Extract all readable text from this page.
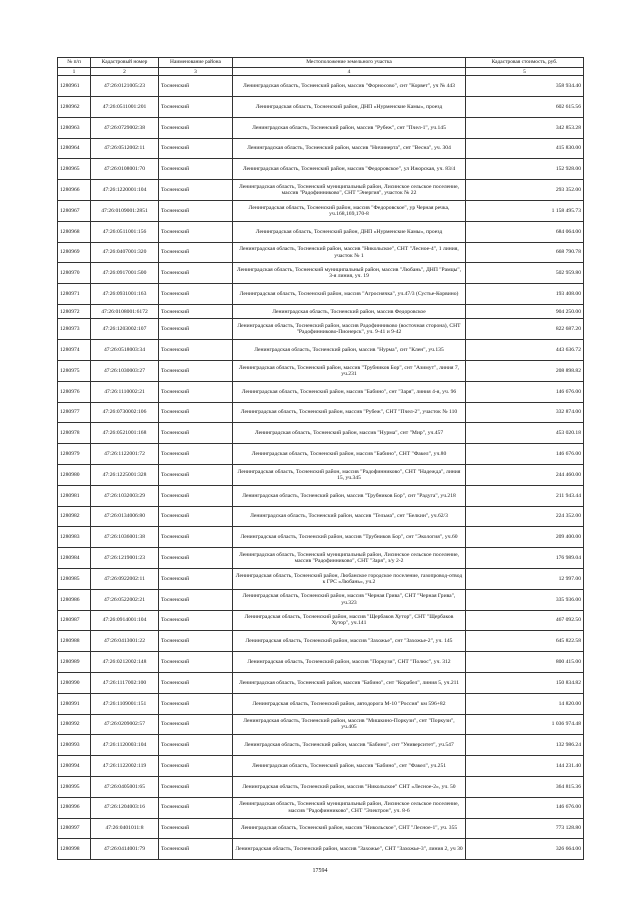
№ п/п	Кадастровый номер	Наименование района	Местоположение земельного участка	Кадастровая стоимость, руб.
1	2	3	4	5
1280961	47:26:0121005:23	Тосненский	Ленинградская область, Тосненский район, массив "Форносово", снт "Корвет", уч № 443	358 934.40
1280962	47:26:0511001:201	Тосненский	Ленинградская область, Тосненский район, ДНП «Нурменские Камы», проезд	602 615.56
1280963	47:26:0729002:38	Тосненский	Ленинградская область, Тосненский район, массив "Рубеж", снт "Пчел-1", уч.145	342 853.28
1280964	47:26:0512002:11	Тосненский	Ленинградская область, Тосненский район, массив "Ничинерта", снт "Весна", уч. 304	415 830.00
1280965	47:26:0108001:70	Тосненский	Ленинградская область, Тосненский район, массив "Федоровское", ул Ижорская, уч. 83/4	152 928.00
1280966	47:26:1220001:104	Тосненский	Ленинградская область, Тосненский муниципальный район, Лисинское сельское поселение, массив "Радофинниково", СНТ "Энергия", участок № 22	293 352.00
1280967	47:26:0109001:2851	Тосненский	Ленинградская область, Тосненский район, массив "Федоровское", ур Черная речка, уч.168,169,170-8	1 158 495.73
1280968	47:26:0511001:156	Тосненский	Ленинградская область, Тосненский район, ДНП «Нурменские Камы», проезд	684 064.00
1280969	47:26:0407001:320	Тосненский	Ленинградская область, Тосненский район, массив "Никольское", СНТ "Лесное-4", 1 линия, участок № 1	668 790.78
1280970	47:26:0917001:500	Тосненский	Ленинградская область, Тосненский муниципальный район, массив "Любань", ДНП "Рамцы", 3-я линия, уч. 19	502 959.80
1280971	47:26:0931001:163	Тосненский	Ленинградская область, Тосненский район, массив "Агроснячка", уч.47/3 (Сустье-Корвино)	193 408.00
1280972	47:26:0108001:6172	Тосненский	Ленинградская область, Тосненский район, массив Федоровское	904 250.00
1280973	47:26:1203002:107	Тосненский	Ленинградская область, Тосненский район, массив Радофинниково (восточная сторона), СНТ "Радофинниково-Пионерск", уч. 9-41 и 9-42	822 687.20
1280974	47:26:0518003:34	Тосненский	Ленинградская область, Тосненский район, массив "Нурма", снт "Клен", уч.135	443 636.72
1280975	47:26:1030003:27	Тосненский	Ленинградская область, Тосненский район, массив "Трубников Бор", снт "Азимут", линия 7, уч.231	208 898.82
1280976	47:26:1110002:21	Тосненский	Ленинградская область, Тосненский район, массив "Бабино", снт "Заря", линия 4-я, уч. 96	146 676.00
1280977	47:26:0730002:106	Тосненский	Ленинградская область, Тосненский район, массив "Рубеж", СНТ "Пчел-2", участок № 110	332 874.00
1280978	47:26:0521001:168	Тосненский	Ленинградская область, Тосненский район, массив "Нурма", снт "Мир", уч.457	453 020.18
1280979	47:26:1122001:72	Тосненский	Ленинградская область, Тосненский район, массив "Бабино", СНТ "Факел", уч.80	146 676.00
1280980	47:26:1225001:328	Тосненский	Ленинградская область, Тосненский район, массив "Радофинниково", СНТ "Надежда", линия 15, уч.345	244 460.00
1280981	47:26:1032003:29	Тосненский	Ленинградская область, Тосненский район, массив "Трубников Бор", снт "Радуга", уч.218	211 943.44
1280982	47:26:0134006:80	Тосненский	Ленинградская область, Тосненский район, массив "Тельма", снт "Белкин", уч.62/3	224 352.00
1280983	47:26:1036001:38	Тосненский	Ленинградская область, Тосненский район, массив "Трубников Бор", снт "Экология", уч.60	209 400.00
1280984	47:26:1219001:23	Тосненский	Ленинградская область, Тосненский муниципальный район, Лисинское сельское поселение, массив "Радофинниково", СНТ "Заря", з/у 2-2	176 989.04
1280985	47:26:0922002:11	Тосненский	Ленинградская область, Тосненский район, Любанское городское поселение, газопровод-отвод к ГРС «Любань», уч.2	12 997.00
1280986	47:26:0522002:21	Тосненский	Ленинградская область, Тосненский район, массив "Черная Грива", СНТ "Черная Грива", уч.323	335 936.00
1280987	47:26:0914001:104	Тосненский	Ленинградская область, Тосненский район, массив "Щербаков Хутор", СНТ "Щербаков Хутор", уч.141	467 092.50
1280988	47:26:0413001:22	Тосненский	Ленинградская область, Тосненский район, массив "Захожье", снт "Захожье-2", уч. 145	645 822.58
1280989	47:26:0212002:148	Тосненский	Ленинградская область, Тосненский район, массив "Поркузи", СНТ "Полюс", уч. 312	800 415.00
1280990	47:26:1117002:100	Тосненский	Ленинградская область, Тосненский район, массив "Бабино", снт "Корабел", линия 5, уч.211	150 834.82
1280991	47:26:1109001:151	Тосненский	Ленинградская область, Тосненский район, автодорога М-10 "Россия" км 596+82	14 820.00
1280992	47:26:0209002:57	Тосненский	Ленинградская область, Тосненский район, массив "Мишкино-Поркузи", снт "Поркузи", уч.405	1 036 974.48
1280993	47:26:1120003:104	Тосненский	Ленинградская область, Тосненский район, массив "Бабино", снт "Университет", уч.547	132 986.24
1280994	47:26:1122002:119	Тосненский	Ленинградская область, Тосненский район, массив "Бабино", снт "Факел", уч.251	144 231.40
1280995	47:26:0405001:65	Тосненский	Ленинградская область, Тосненский район, массив "Никольское" СНТ «Лесное-2», уч. 50	364 815.36
1280996	47:26:1204003:16	Тосненский	Ленинградская область, Тосненский муниципальный район, Лисинское сельское поселение, массив "Радофинниково", СНТ "Электрон", уч. 8-6	146 676.00
1280997	47:26:0401011:8	Тосненский	Ленинградская область, Тосненский район, массив "Никольское", СНТ "Лесное-1", уч. 355	773 128.80
1280998	47:26:0414001:79	Тосненский	Ленинградская область, Тосненский район, массив "Захожье", СНТ "Захожье-3", линия 2, уч 30	326 664.00
17594
